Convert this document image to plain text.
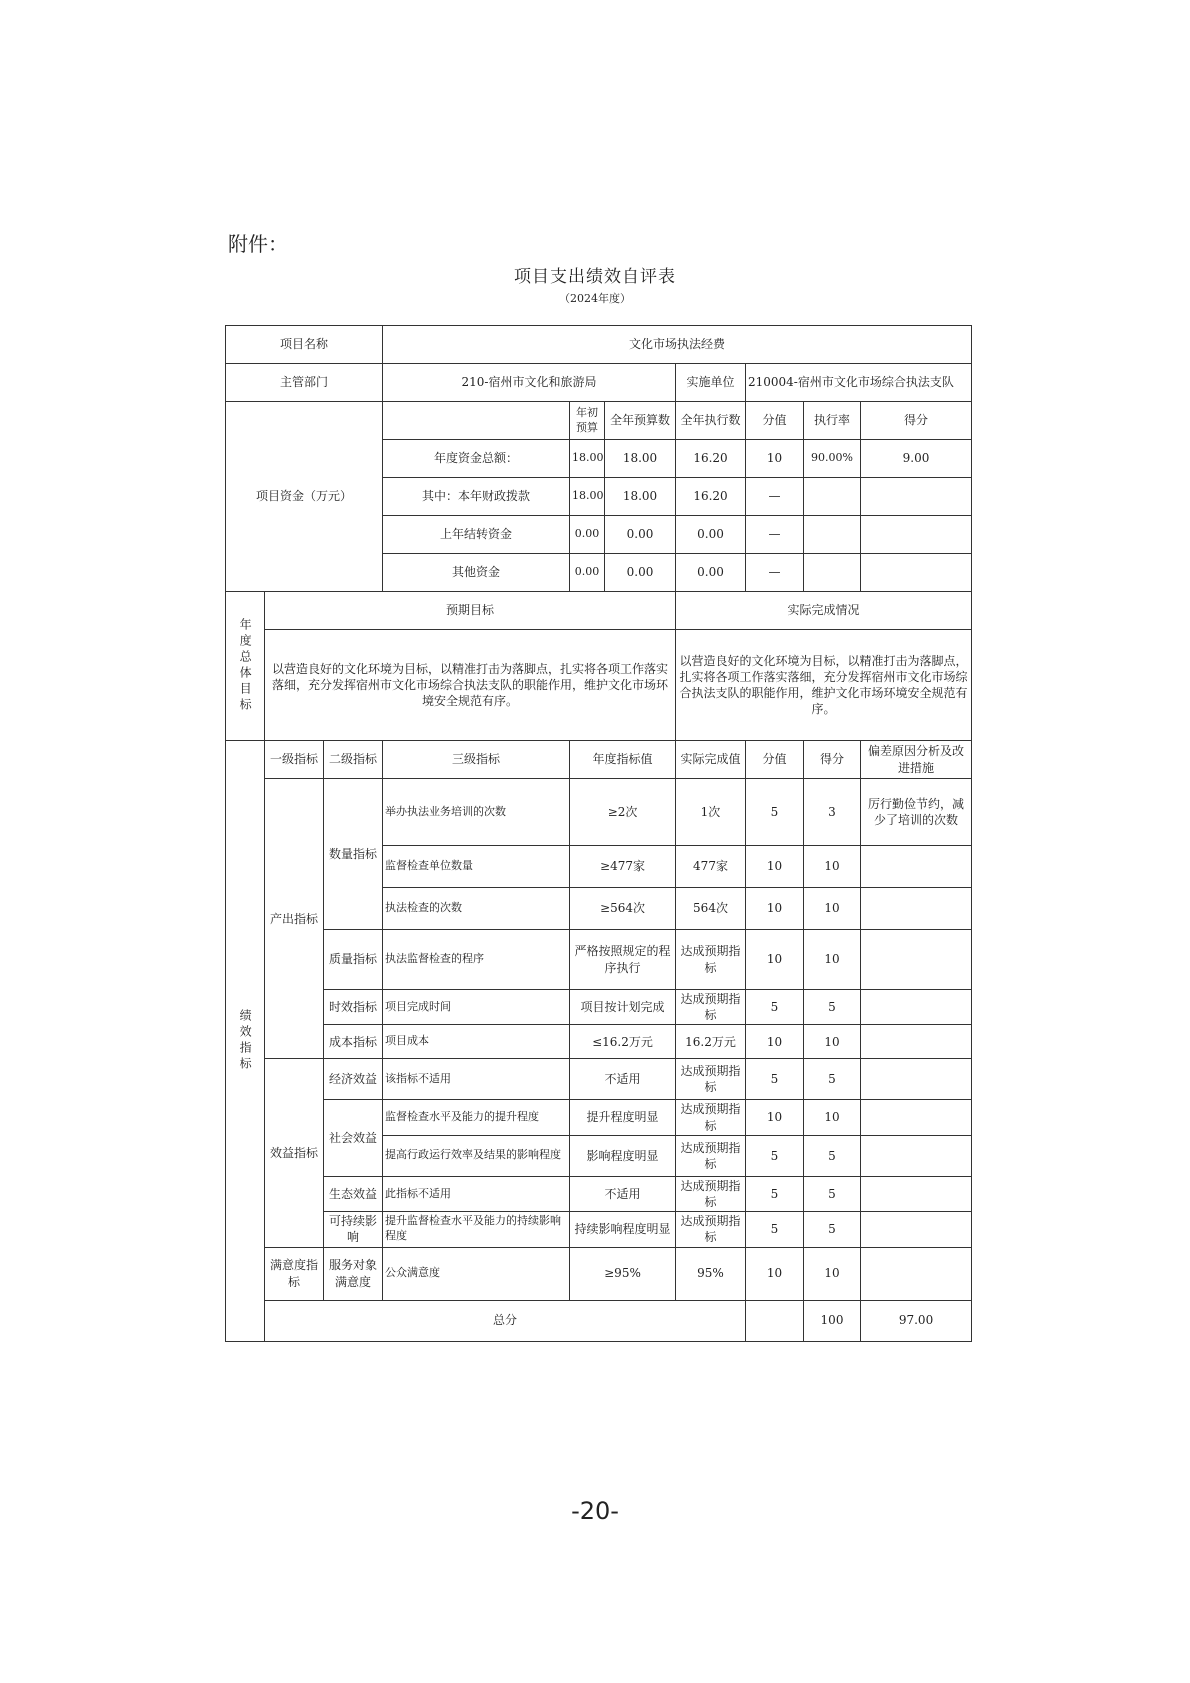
附件：
项目支出绩效自评表
（2024年度）
项目名称			文化市场执法经费							
主管部门			210-宿州市文化和旅游局			实施单位	210004-宿州市文化市场综合执法支队			
项目资金（万元）				年初预算	全年预算数	全年执行数	分值	执行率	得分	
			年度资金总额：	18.00	18.00	16.20	10	90.00%	9.00	
			其中：本年财政拨款	18.00	18.00	16.20	—			
			上年结转资金	0.00	0.00	0.00	—			
			其他资金	0.00	0.00	0.00	—			

年度总体目标	预期目标					实际完成情况				
	以营造良好的文化环境为目标，以精准打击为落脚点，扎实将各项工作落实落细，充分发挥宿州市文化市场综合执法支队的职能作用，维护文化市场环境安全规范有序。					以营造良好的文化环境为目标，以精准打击为落脚点，扎实将各项工作落实落细，充分发挥宿州市文化市场综合执法支队的职能作用，维护文化市场环境安全规范有序。				

绩效指标	一级指标	二级指标	三级指标	年度指标值		实际完成值	分值	得分	偏差原因分析及改进措施	
	产出指标	数量指标	举办执法业务培训的次数	≥2次		1次	5	3	厉行勤俭节约，减少了培训的次数	
			监督检查单位数量	≥477家		477家	10	10		
			执法检查的次数	≥564次		564次	10	10		
		质量指标	执法监督检查的程序	严格按照规定的程序执行		达成预期指标	10	10		
		时效指标	项目完成时间	项目按计划完成		达成预期指标	5	5		
		成本指标	项目成本	≤16.2万元		16.2万元	10	10		
	效益指标	经济效益	该指标不适用	不适用		达成预期指标	5	5		
		社会效益	监督检查水平及能力的提升程度	提升程度明显		达成预期指标	10	10		
			提高行政运行效率及结果的影响程度	影响程度明显		达成预期指标	5	5		
		生态效益	此指标不适用	不适用		达成预期指标	5	5		
		可持续影响	提升监督检查水平及能力的持续影响程度	持续影响程度明显		达成预期指标	5	5		
	满意度指标	服务对象满意度	公众满意度	≥95%		95%	10	10		
	总分							100	97.00	
-20-
